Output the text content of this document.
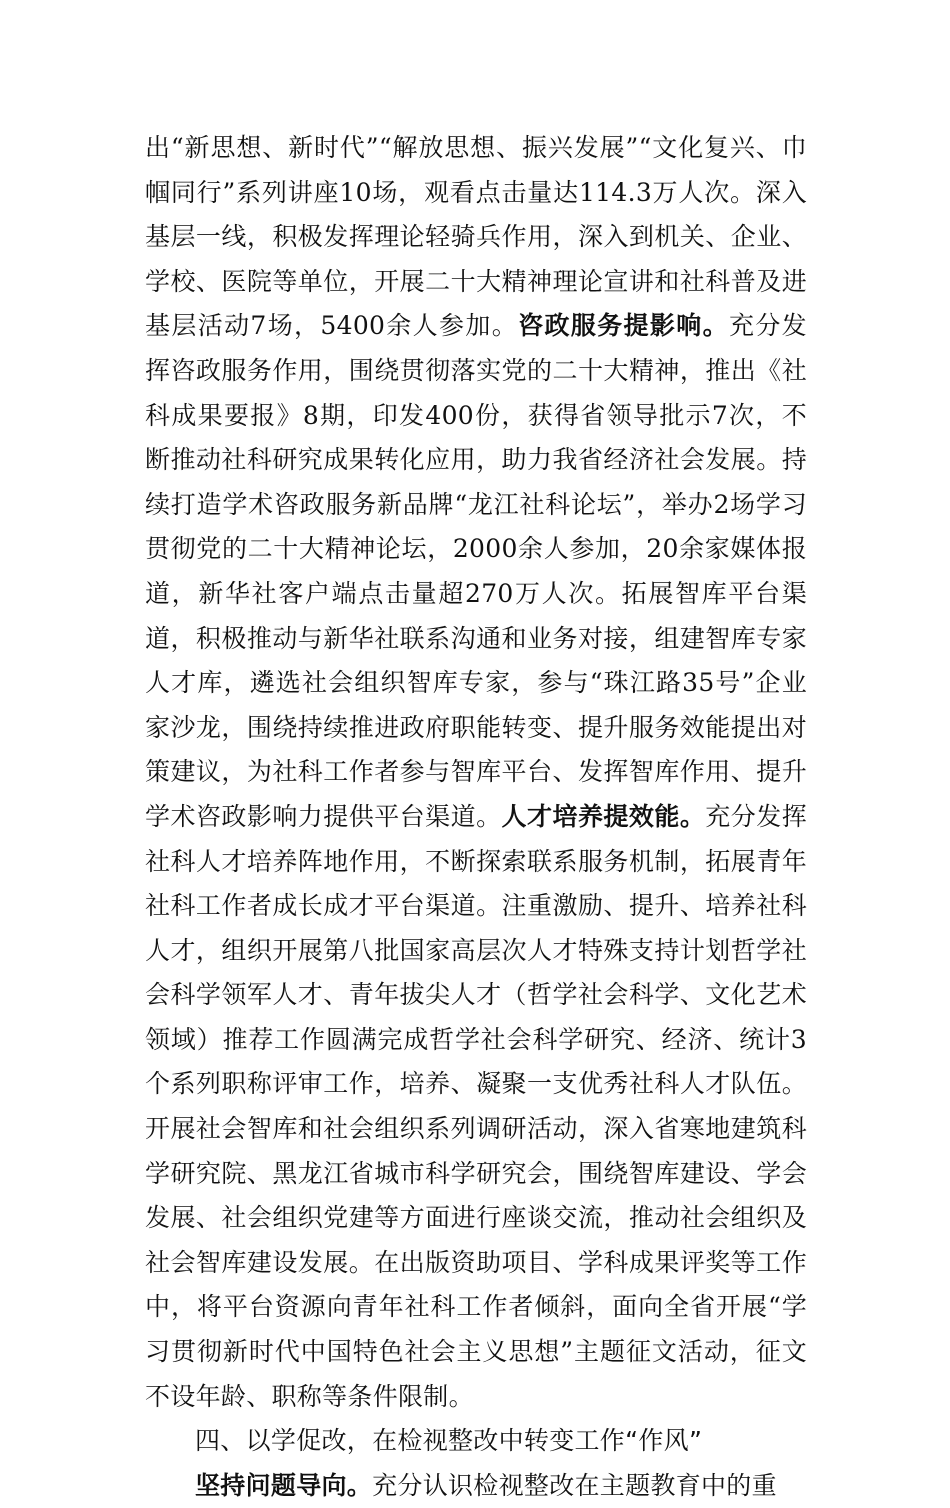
出“新思想、新时代”“解放思想、振兴发展”“文化复兴、巾帼同行”系列讲座10场，观看点击量达114.3万人次。深入基层一线，积极发挥理论轻骑兵作用，深入到机关、企业、学校、医院等单位，开展二十大精神理论宣讲和社科普及进基层活动7场，5400余人参加。咨政服务提影响。充分发挥咨政服务作用，围绕贯彻落实党的二十大精神，推出《社科成果要报》8期，印发400份，获得省领导批示7次，不断推动社科研究成果转化应用，助力我省经济社会发展。持续打造学术咨政服务新品牌“龙江社科论坛”，举办2场学习贯彻党的二十大精神论坛，2000余人参加，20余家媒体报道，新华社客户端点击量超270万人次。拓展智库平台渠道，积极推动与新华社联系沟通和业务对接，组建智库专家人才库，遴选社会组织智库专家，参与“珠江路35号”企业家沙龙，围绕持续推进政府职能转变、提升服务效能提出对策建议，为社科工作者参与智库平台、发挥智库作用、提升学术咨政影响力提供平台渠道。人才培养提效能。充分发挥社科人才培养阵地作用，不断探索联系服务机制，拓展青年社科工作者成长成才平台渠道。注重激励、提升、培养社科人才，组织开展第八批国家高层次人才特殊支持计划哲学社会科学领军人才、青年拔尖人才（哲学社会科学、文化艺术领域）推荐工作圆满完成哲学社会科学研究、经济、统计3个系列职称评审工作，培养、凝聚一支优秀社科人才队伍。开展社会智库和社会组织系列调研活动，深入省寒地建筑科学研究院、黑龙江省城市科学研究会，围绕智库建设、学会发展、社会组织党建等方面进行座谈交流，推动社会组织及社会智库建设发展。在出版资助项目、学科成果评奖等工作中，将平台资源向青年社科工作者倾斜，面向全省开展“学习贯彻新时代中国特色社会主义思想”主题征文活动，征文不设年龄、职称等条件限制。

四、以学促改，在检视整改中转变工作“作风”

坚持问题导向。充分认识检视整改在主题教育中的重
